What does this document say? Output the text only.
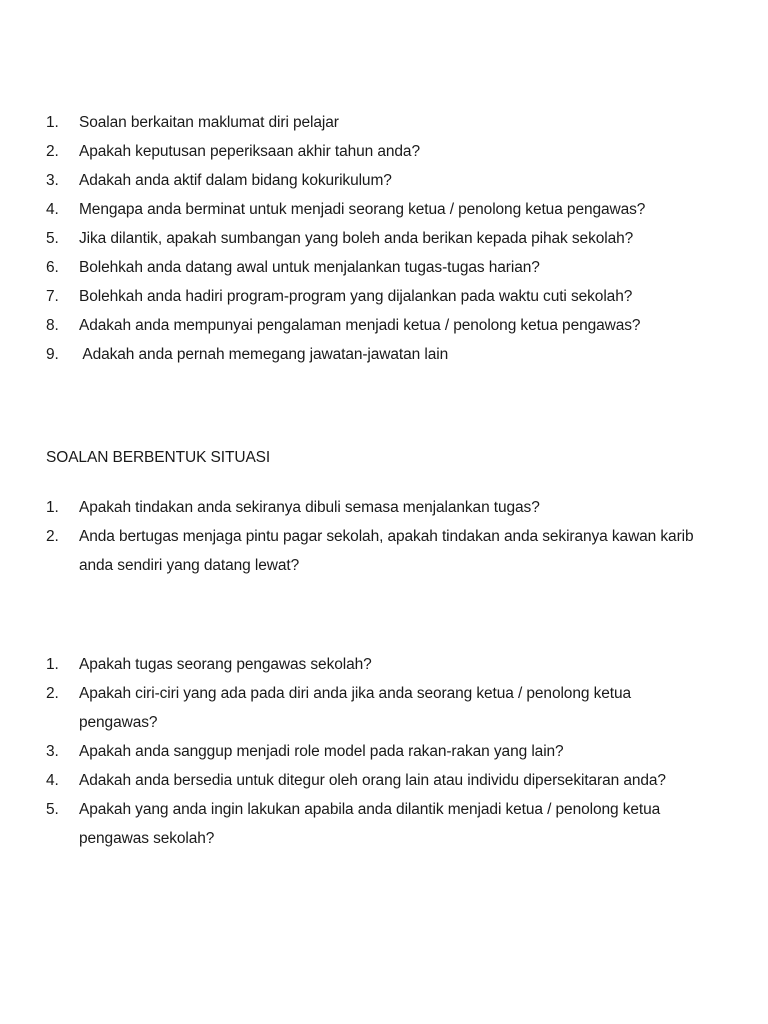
1.	Soalan berkaitan maklumat diri pelajar
2.	Apakah keputusan peperiksaan akhir tahun anda?
3.	Adakah anda aktif dalam bidang kokurikulum?
4.	Mengapa anda berminat untuk menjadi seorang ketua / penolong ketua pengawas?
5.	Jika dilantik, apakah sumbangan yang boleh anda berikan kepada pihak sekolah?
6.	Bolehkah anda datang awal untuk menjalankan tugas-tugas harian?
7.	Bolehkah anda hadiri program-program yang dijalankan pada waktu cuti sekolah?
8.	Adakah anda mempunyai pengalaman menjadi ketua / penolong ketua pengawas?
9.	Adakah anda pernah memegang jawatan-jawatan lain
SOALAN BERBENTUK SITUASI
1.	Apakah tindakan anda sekiranya dibuli semasa menjalankan tugas?
2.	Anda bertugas menjaga pintu pagar sekolah, apakah tindakan anda sekiranya kawan karib anda sendiri yang datang lewat?
1.	Apakah tugas seorang pengawas sekolah?
2.	Apakah ciri-ciri yang ada pada diri anda jika anda seorang ketua / penolong ketua pengawas?
3.	Apakah anda sanggup menjadi role model pada rakan-rakan yang lain?
4.	Adakah anda bersedia untuk ditegur oleh orang lain atau individu dipersekitaran anda?
5.	Apakah yang anda ingin lakukan apabila anda dilantik menjadi ketua / penolong ketua pengawas sekolah?
